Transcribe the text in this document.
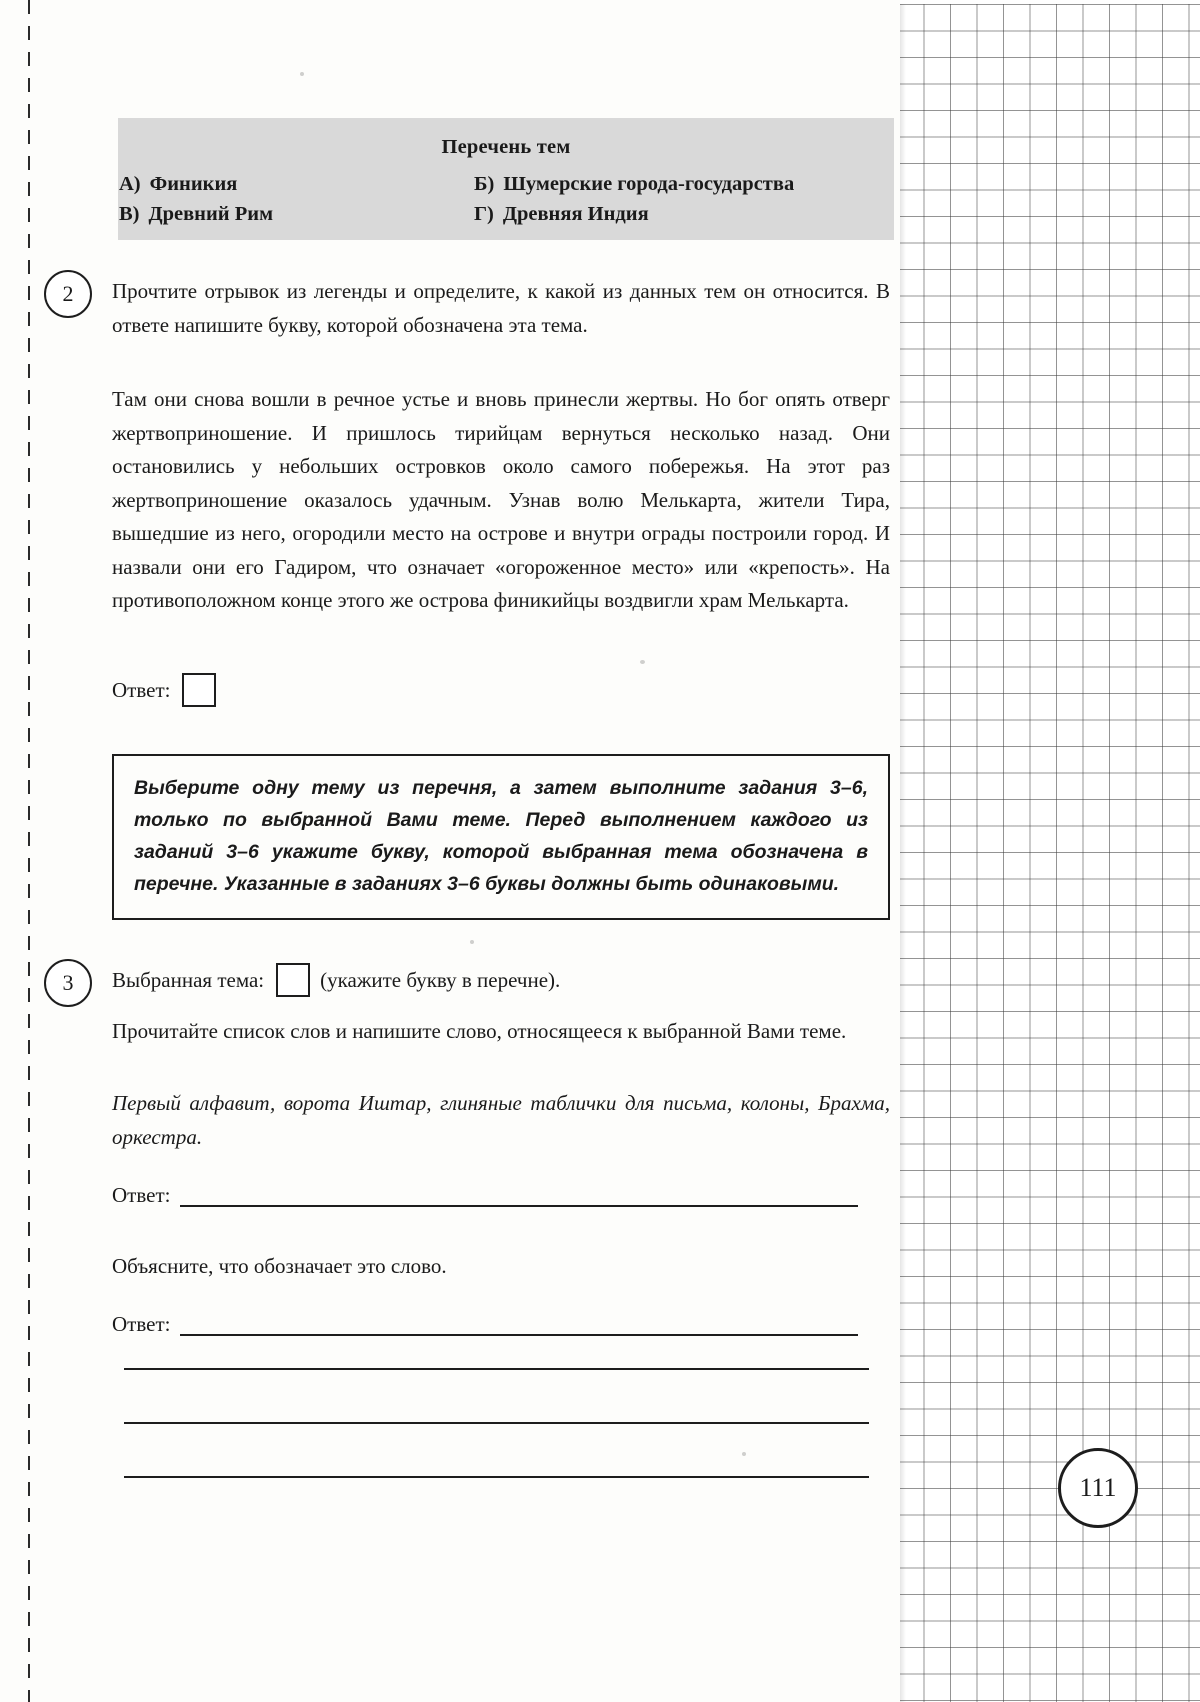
Перечень тем
А) Финикия	Б) Шумерские города-государства
В) Древний Рим	Г) Древняя Индия
2	Прочтите отрывок из легенды и определите, к какой из данных тем он относится. В ответе напишите букву, которой обозначена эта тема.
Там они снова вошли в речное устье и вновь принесли жертвы. Но бог опять отверг жертвоприношение. И пришлось тирийцам вернуться несколько назад. Они остановились у небольших островков около самого побережья. На этот раз жертвоприношение оказалось удачным. Узнав волю Мелькарта, жители Тира, вышедшие из него, огородили место на острове и внутри ограды построили город. И назвали они его Гадиром, что означает «огороженное место» или «крепость». На противоположном конце этого же острова финикийцы воздвигли храм Мелькарта.
Ответ:
Выберите одну тему из перечня, а затем выполните задания 3–6, только по выбранной Вами теме. Перед выполнением каждого из заданий 3–6 укажите букву, которой выбранная тема обозначена в перечне. Указанные в заданиях 3–6 буквы должны быть одинаковыми.
3	Выбранная тема:	(укажите букву в перечне).
Прочитайте список слов и напишите слово, относящееся к выбранной Вами теме.
Первый алфавит, ворота Иштар, глиняные таблички для письма, колоны, Брахма, оркестра.
Ответ:
Объясните, что обозначает это слово.
Ответ:
111
